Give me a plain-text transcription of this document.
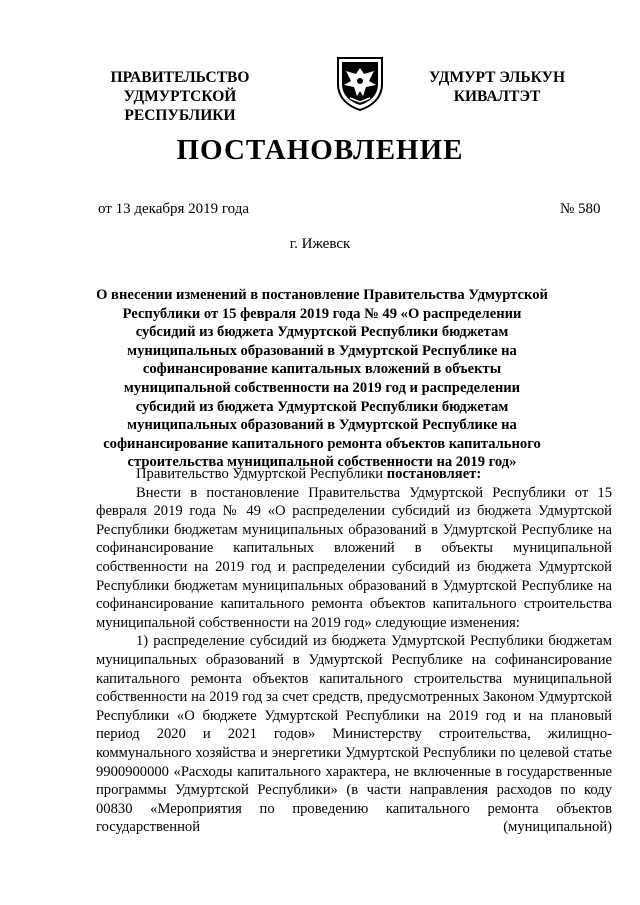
ПРАВИТЕЛЬСТВО
УДМУРТСКОЙ РЕСПУБЛИКИ
УДМУРТ ЭЛЬКУН
КИВАЛТЭТ
ПОСТАНОВЛЕНИЕ
от 13 декабря 2019 года	№ 580
г. Ижевск
О внесении изменений в постановление Правительства Удмуртской Республики от 15 февраля 2019 года № 49 «О распределении субсидий из бюджета Удмуртской Республики бюджетам муниципальных образований в Удмуртской Республике на софинансирование капитальных вложений в объекты муниципальной собственности на 2019 год и распределении субсидий из бюджета Удмуртской Республики бюджетам муниципальных образований в Удмуртской Республике на софинансирование капитального ремонта объектов капитального строительства муниципальной собственности на 2019 год»

Правительство Удмуртской Республики постановляет:

Внести в постановление Правительства Удмуртской Республики от 15 февраля 2019 года № 49 «О распределении субсидий из бюджета Удмуртской Республики бюджетам муниципальных образований в Удмуртской Республике на софинансирование капитальных вложений в объекты муниципальной собственности на 2019 год и распределении субсидий из бюджета Удмуртской Республики бюджетам муниципальных образований в Удмуртской Республике на софинансирование капитального ремонта объектов капитального строительства муниципальной собственности на 2019 год» следующие изменения:

1) распределение субсидий из бюджета Удмуртской Республики бюджетам муниципальных образований в Удмуртской Республике на софинансирование капитального ремонта объектов капитального строительства муниципальной собственности на 2019 год за счет средств, предусмотренных Законом Удмуртской Республики «О бюджете Удмуртской Республики на 2019 год и на плановый период 2020 и 2021 годов» Министерству строительства, жилищно-коммунального хозяйства и энергетики Удмуртской Республики по целевой статье 9900900000 «Расходы капитального характера, не включенные в государственные программы Удмуртской Республики» (в части направления расходов по коду 00830 «Мероприятия по проведению капитального ремонта объектов государственной (муниципальной)
